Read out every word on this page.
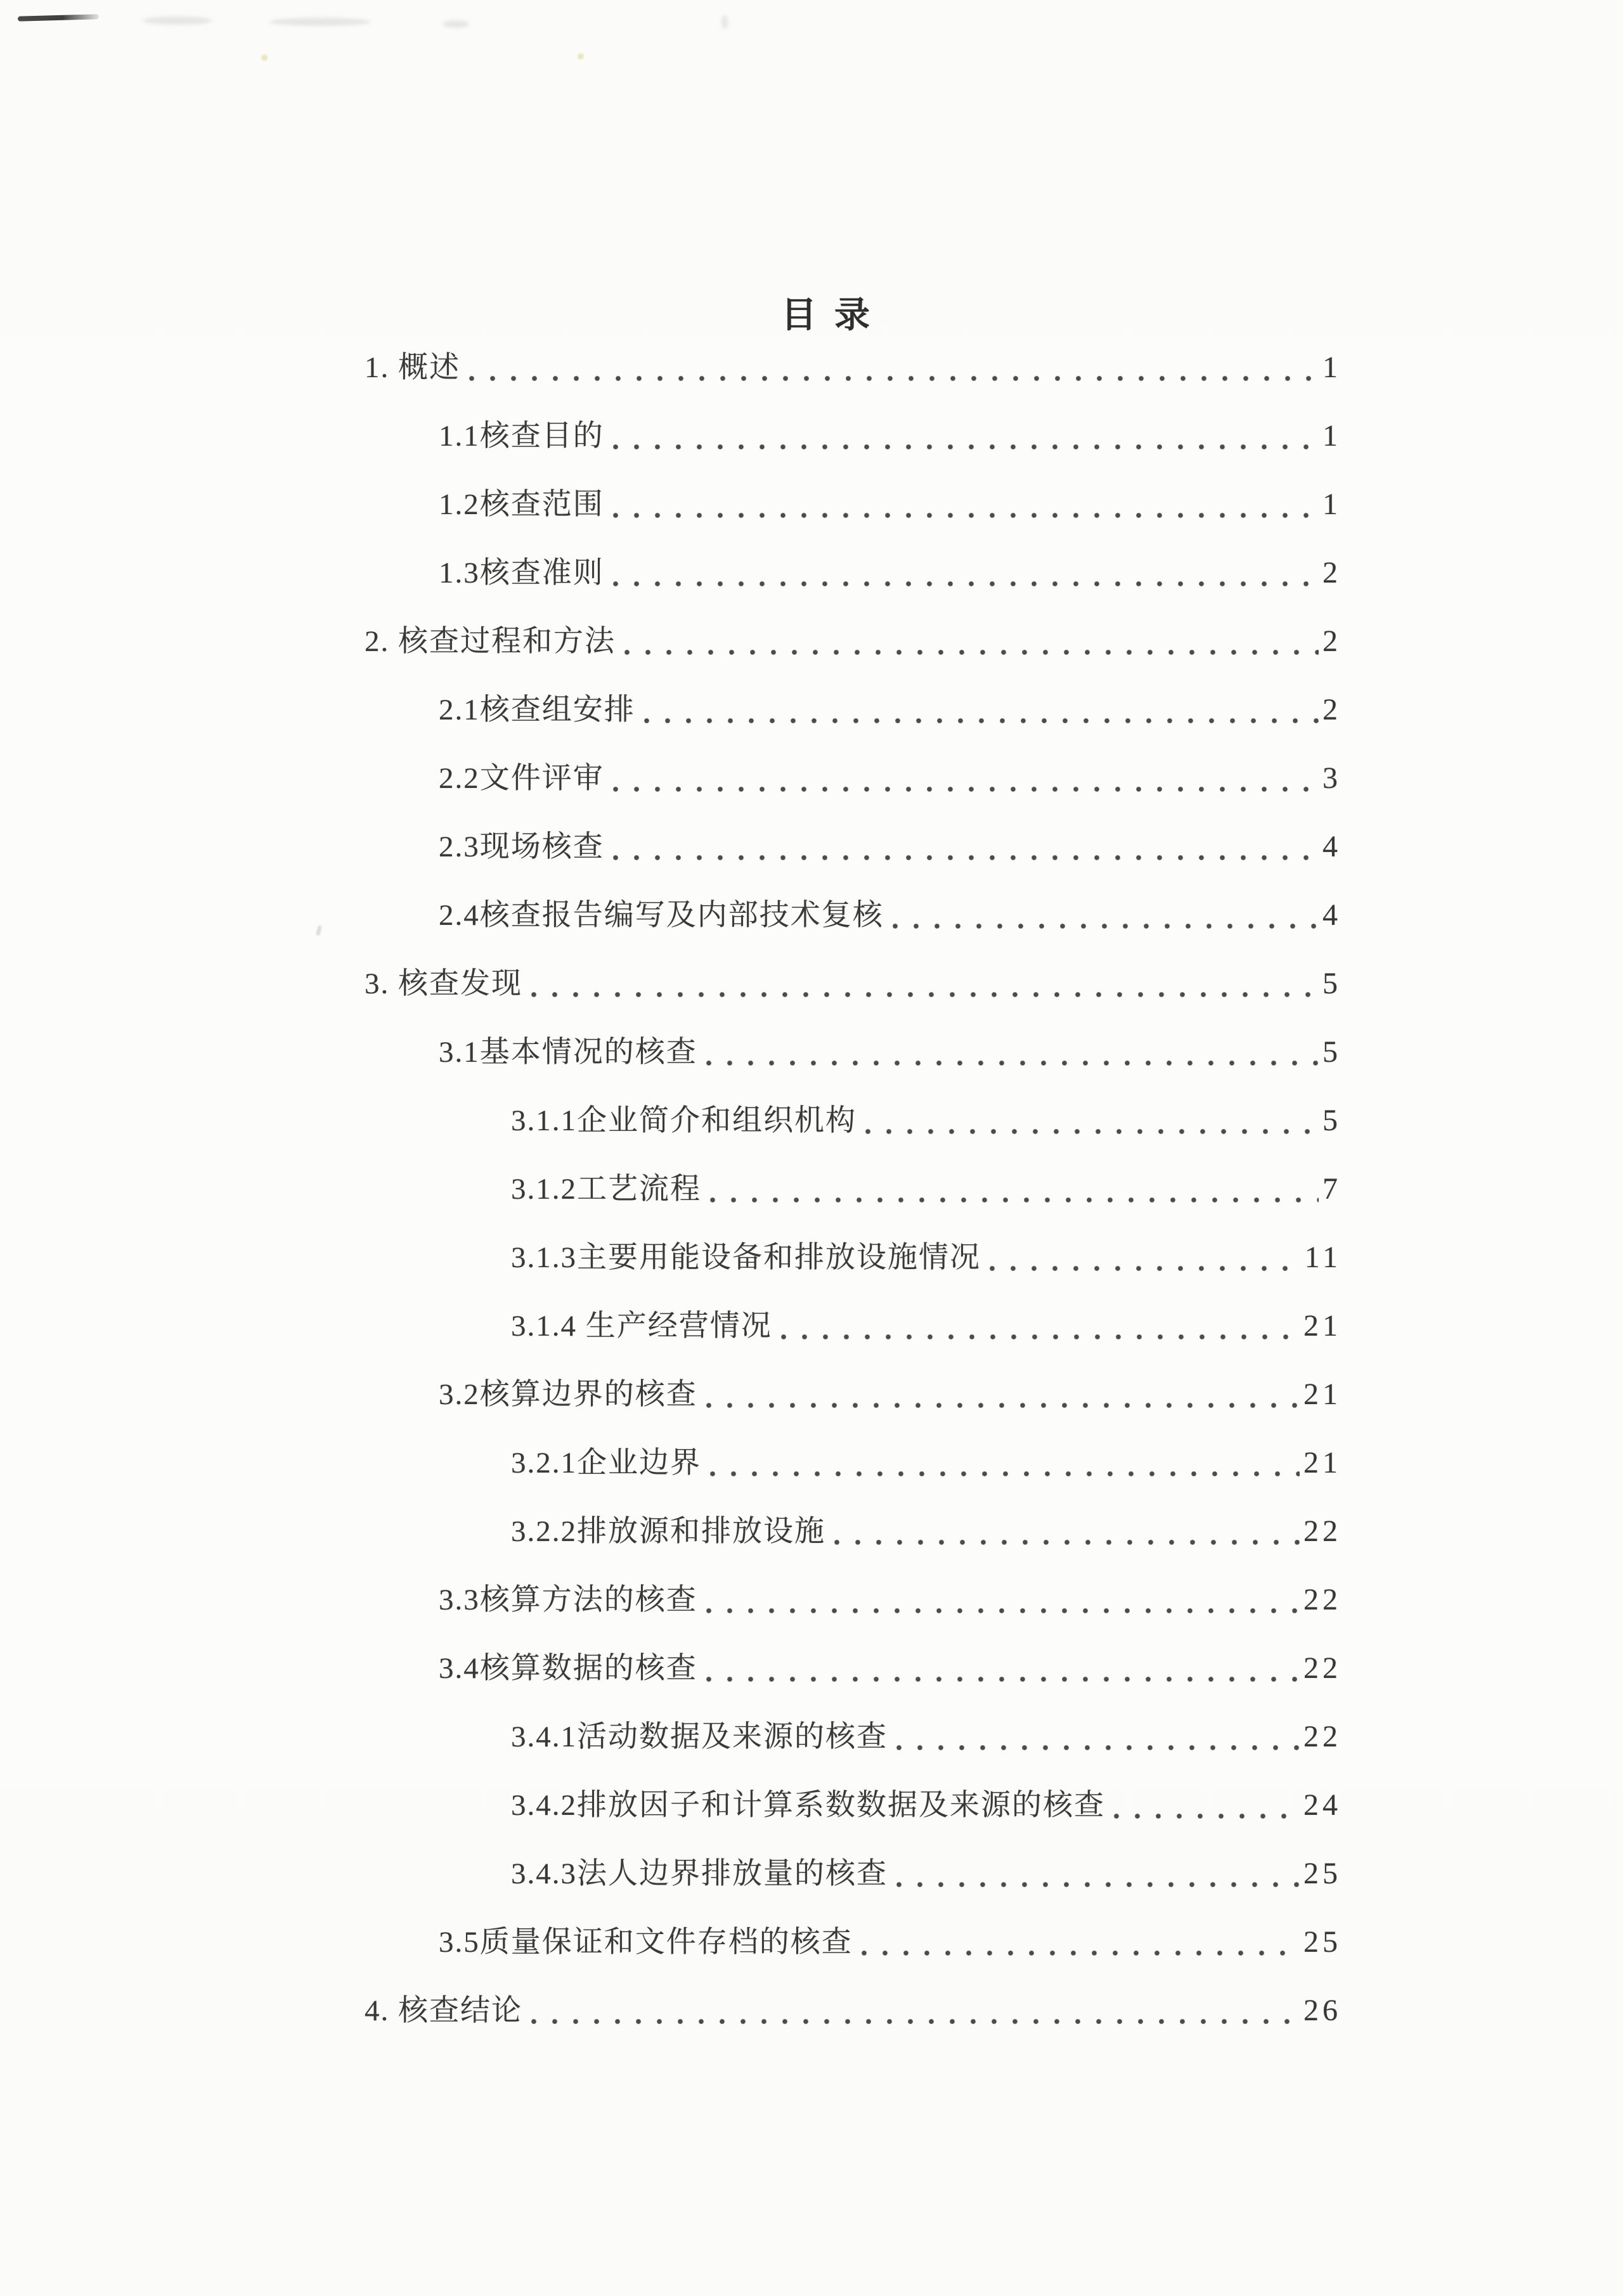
目录
1. 概述	1
1.1核查目的	1
1.2核查范围	1
1.3核查准则	2
2. 核查过程和方法	2
2.1核查组安排	2
2.2文件评审	3
2.3现场核查	4
2.4核查报告编写及内部技术复核	4
3. 核查发现	5
3.1基本情况的核查	5
3.1.1企业简介和组织机构	5
3.1.2工艺流程	7
3.1.3主要用能设备和排放设施情况	11
3.1.4 生产经营情况	21
3.2核算边界的核查	21
3.2.1企业边界	21
3.2.2排放源和排放设施	22
3.3核算方法的核查	22
3.4核算数据的核查	22
3.4.1活动数据及来源的核查	22
3.4.2排放因子和计算系数数据及来源的核查	24
3.4.3法人边界排放量的核查	25
3.5质量保证和文件存档的核查	25
4. 核查结论	26
